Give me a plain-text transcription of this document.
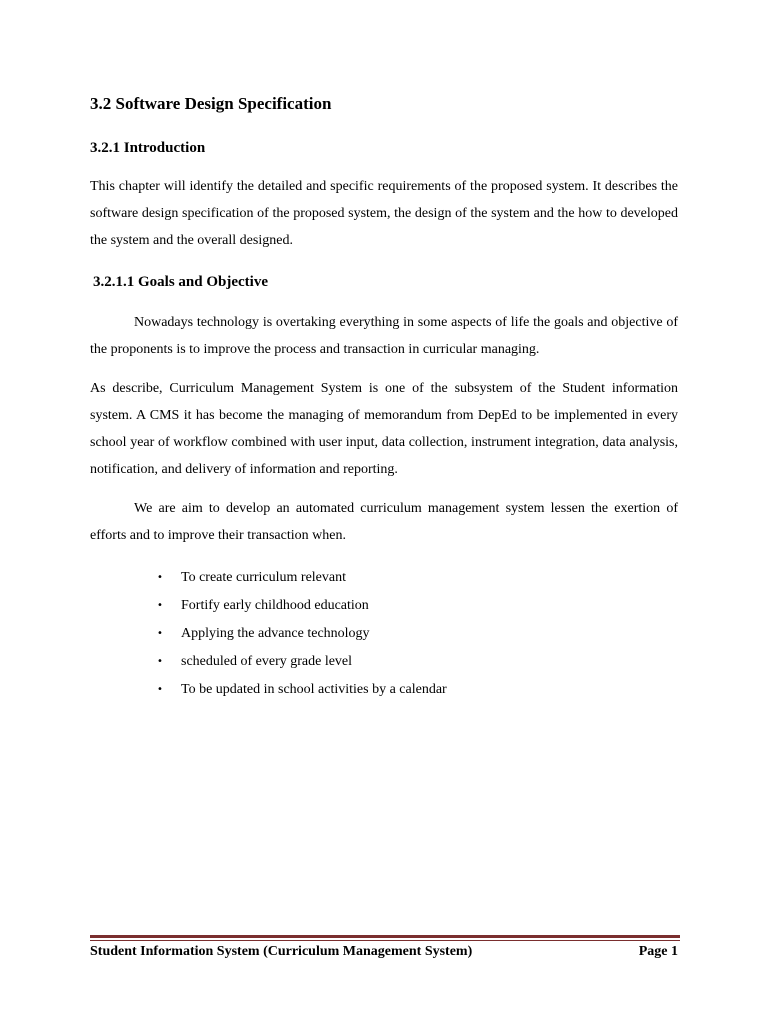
3.2 Software Design Specification
3.2.1 Introduction

This chapter will identify the detailed and specific requirements of the proposed system. It describes the software design specification of the proposed system, the design of the system and the how to developed the system and the overall designed.

3.2.1.1 Goals and Objective

Nowadays technology is overtaking everything in some aspects of life the goals and objective of the proponents is to improve the process and transaction in curricular managing.

As describe, Curriculum Management System is one of the subsystem of the Student information system. A CMS it has become the managing of memorandum from DepEd to be implemented in every school year of workflow combined with user input, data collection, instrument integration, data analysis, notification, and delivery of information and reporting.

We are aim to develop an automated curriculum management system lessen the exertion of efforts and to improve their transaction when.

• To create curriculum relevant
• Fortify early childhood education
• Applying the advance technology
• scheduled of every grade level
• To be updated in school activities by a calendar
Student Information System (Curriculum Management System)	Page 1
